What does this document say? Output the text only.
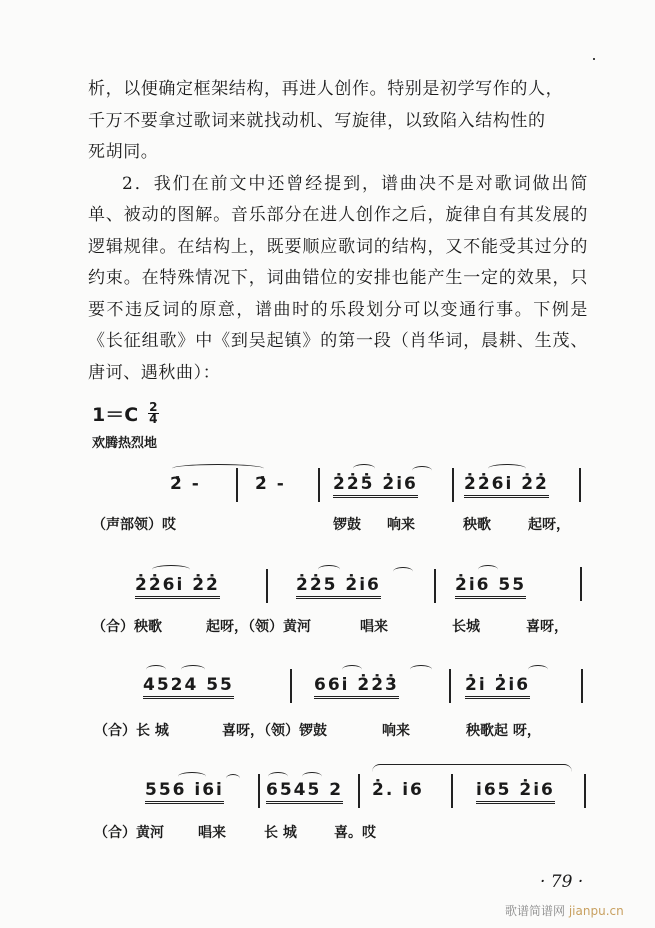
析，以便确定框架结构，再进人创作。特别是初学写作的人，

千万不要拿过歌词来就找动机、写旋律，以致陷入结构性的

死胡同。

2．我们在前文中还曾经提到，谱曲决不是对歌词做出简单、被动的图解。音乐部分在进人创作之后，旋律自有其发展的逻辑规律。在结构上，既要顺应歌词的结构，又不能受其过分的约束。在特殊情况下，词曲错位的安排也能产生一定的效果，只要不违反词的原意，谱曲时的乐段划分可以变通行事。下例是《长征组歌》中《到吴起镇》的第一段（肖华词，晨耕、生茂、唐诃、遇秋曲）：

$1=C \frac{2}{4}$
欢腾热烈地
2̇ -	2̇ -	2̇2̇5̇ 2̇i6	2̇2̇6i 2̇2̇
（声部领）哎	锣鼓 响来	秧歌	起呀，
2̇2̇6i 2̇2̇	2̇2̇5 2̇i6	2̇i6 55
（合）秧歌	起呀，（领）黄河	唱来	长城	喜呀，
4524 55	66i 2̇2̇3̇	2̇i 2̇i6
（合）长 城	喜呀，（领）锣鼓	响来	秧歌起 呀，
556 i6i 6545 2 2̇. i6	i65 2̇i6
（合）黄河 唱来	长 城	喜。哎
· 79 ·
歌谱简谱网 jianpu.cn
